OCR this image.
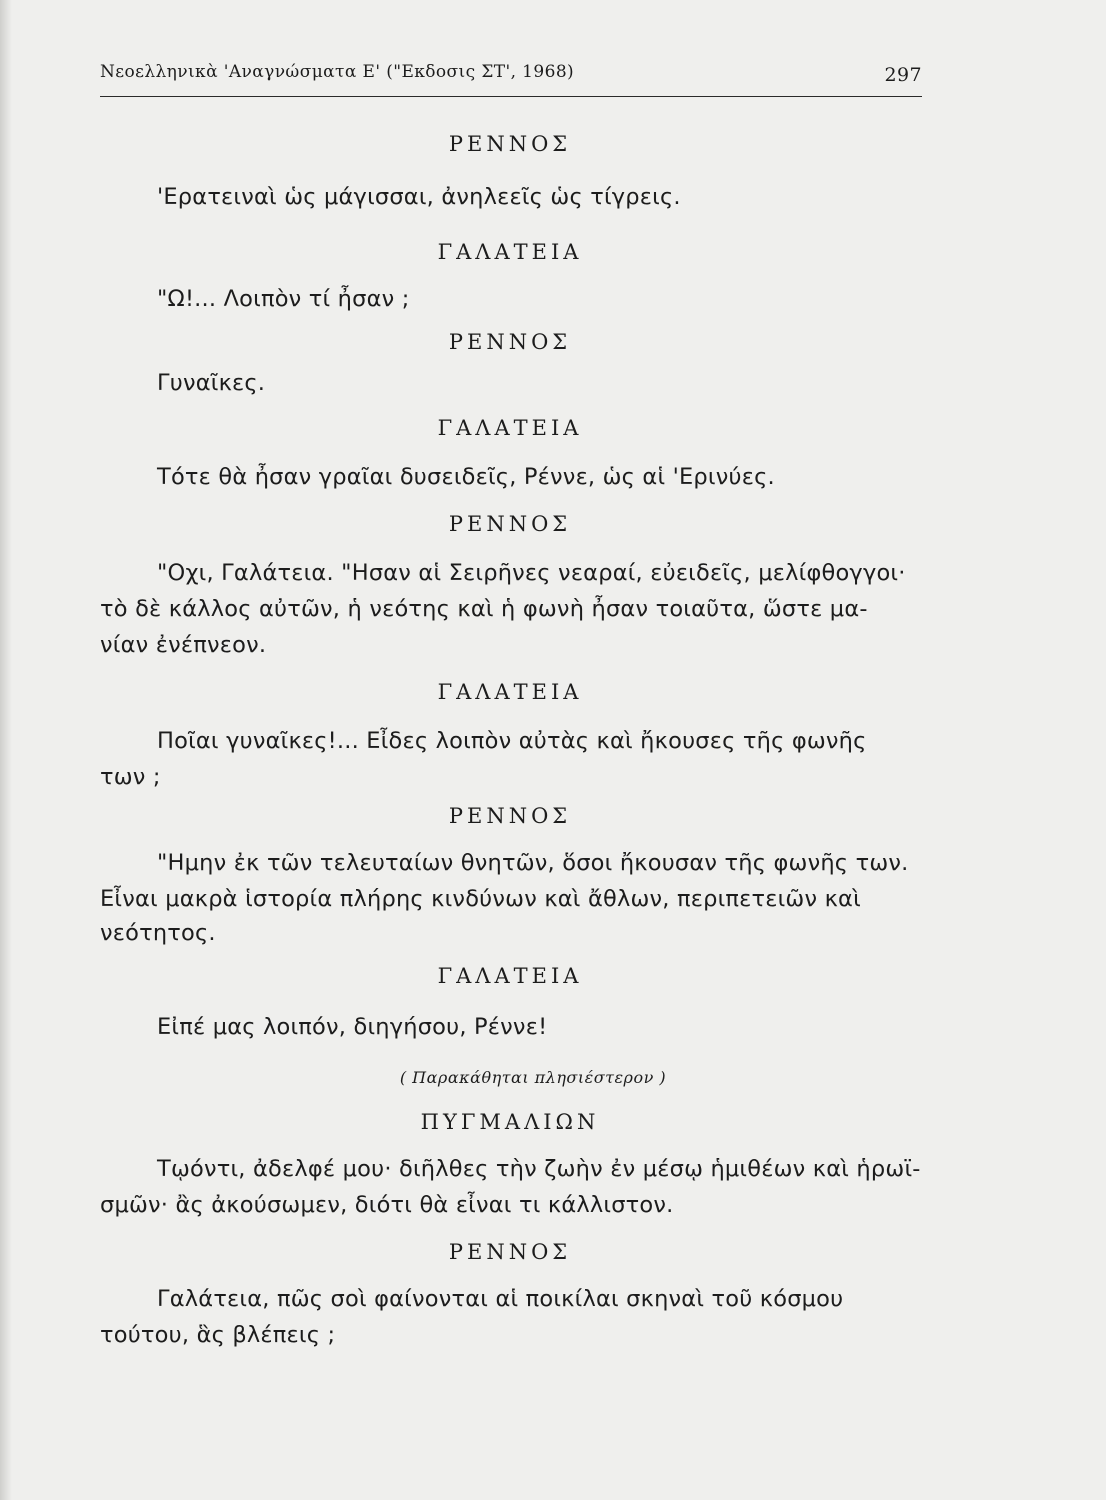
Νεοελληνικὰ 'Αναγνώσματα Ε' ("Εκδοσις ΣΤ', 1968)	297
ΡΕΝΝΟΣ
'Ερατειναὶ ὡς μάγισσαι, ἀνηλεεῖς ὡς τίγρεις.
ΓΑΛΑΤΕΙΑ
"Ω!... Λοιπὸν τί ἦσαν ;
ΡΕΝΝΟΣ
Γυναῖκες.
ΓΑΛΑΤΕΙΑ
Τότε θὰ ἦσαν γραῖαι δυσειδεῖς, Ρέννε, ὡς αἱ 'Ερινύες.
ΡΕΝΝΟΣ
"Οχι, Γαλάτεια. "Ησαν αἱ Σειρῆνες νεαραί, εὐειδεῖς, μελίφθογγοι·
τὸ δὲ κάλλος αὐτῶν, ἡ νεότης καὶ ἡ φωνὴ ἦσαν τοιαῦτα, ὥστε μα-
νίαν ἐνέπνεον.
ΓΑΛΑΤΕΙΑ
Ποῖαι γυναῖκες!... Εἶδες λοιπὸν αὐτὰς καὶ ἤκουσες τῆς φωνῆς
των ;
ΡΕΝΝΟΣ
"Ημην ἐκ τῶν τελευταίων θνητῶν, ὅσοι ἤκουσαν τῆς φωνῆς των.
Εἶναι μακρὰ ἱστορία πλήρης κινδύνων καὶ ἄθλων, περιπετειῶν καὶ
νεότητος.
ΓΑΛΑΤΕΙΑ
Εἰπέ μας λοιπόν, διηγήσου, Ρέννε!
( Παρακάθηται πλησιέστερον )
ΠΥΓΜΑΛΙΩΝ
Τῳόντι, ἀδελφέ μου· διῆλθες τὴν ζωὴν ἐν μέσῳ ἡμιθέων καὶ ἡρωϊ-
σμῶν· ἂς ἀκούσωμεν, διότι θὰ εἶναι τι κάλλιστον.
ΡΕΝΝΟΣ
Γαλάτεια, πῶς σοὶ φαίνονται αἱ ποικίλαι σκηναὶ τοῦ κόσμου
τούτου, ἃς βλέπεις ;
